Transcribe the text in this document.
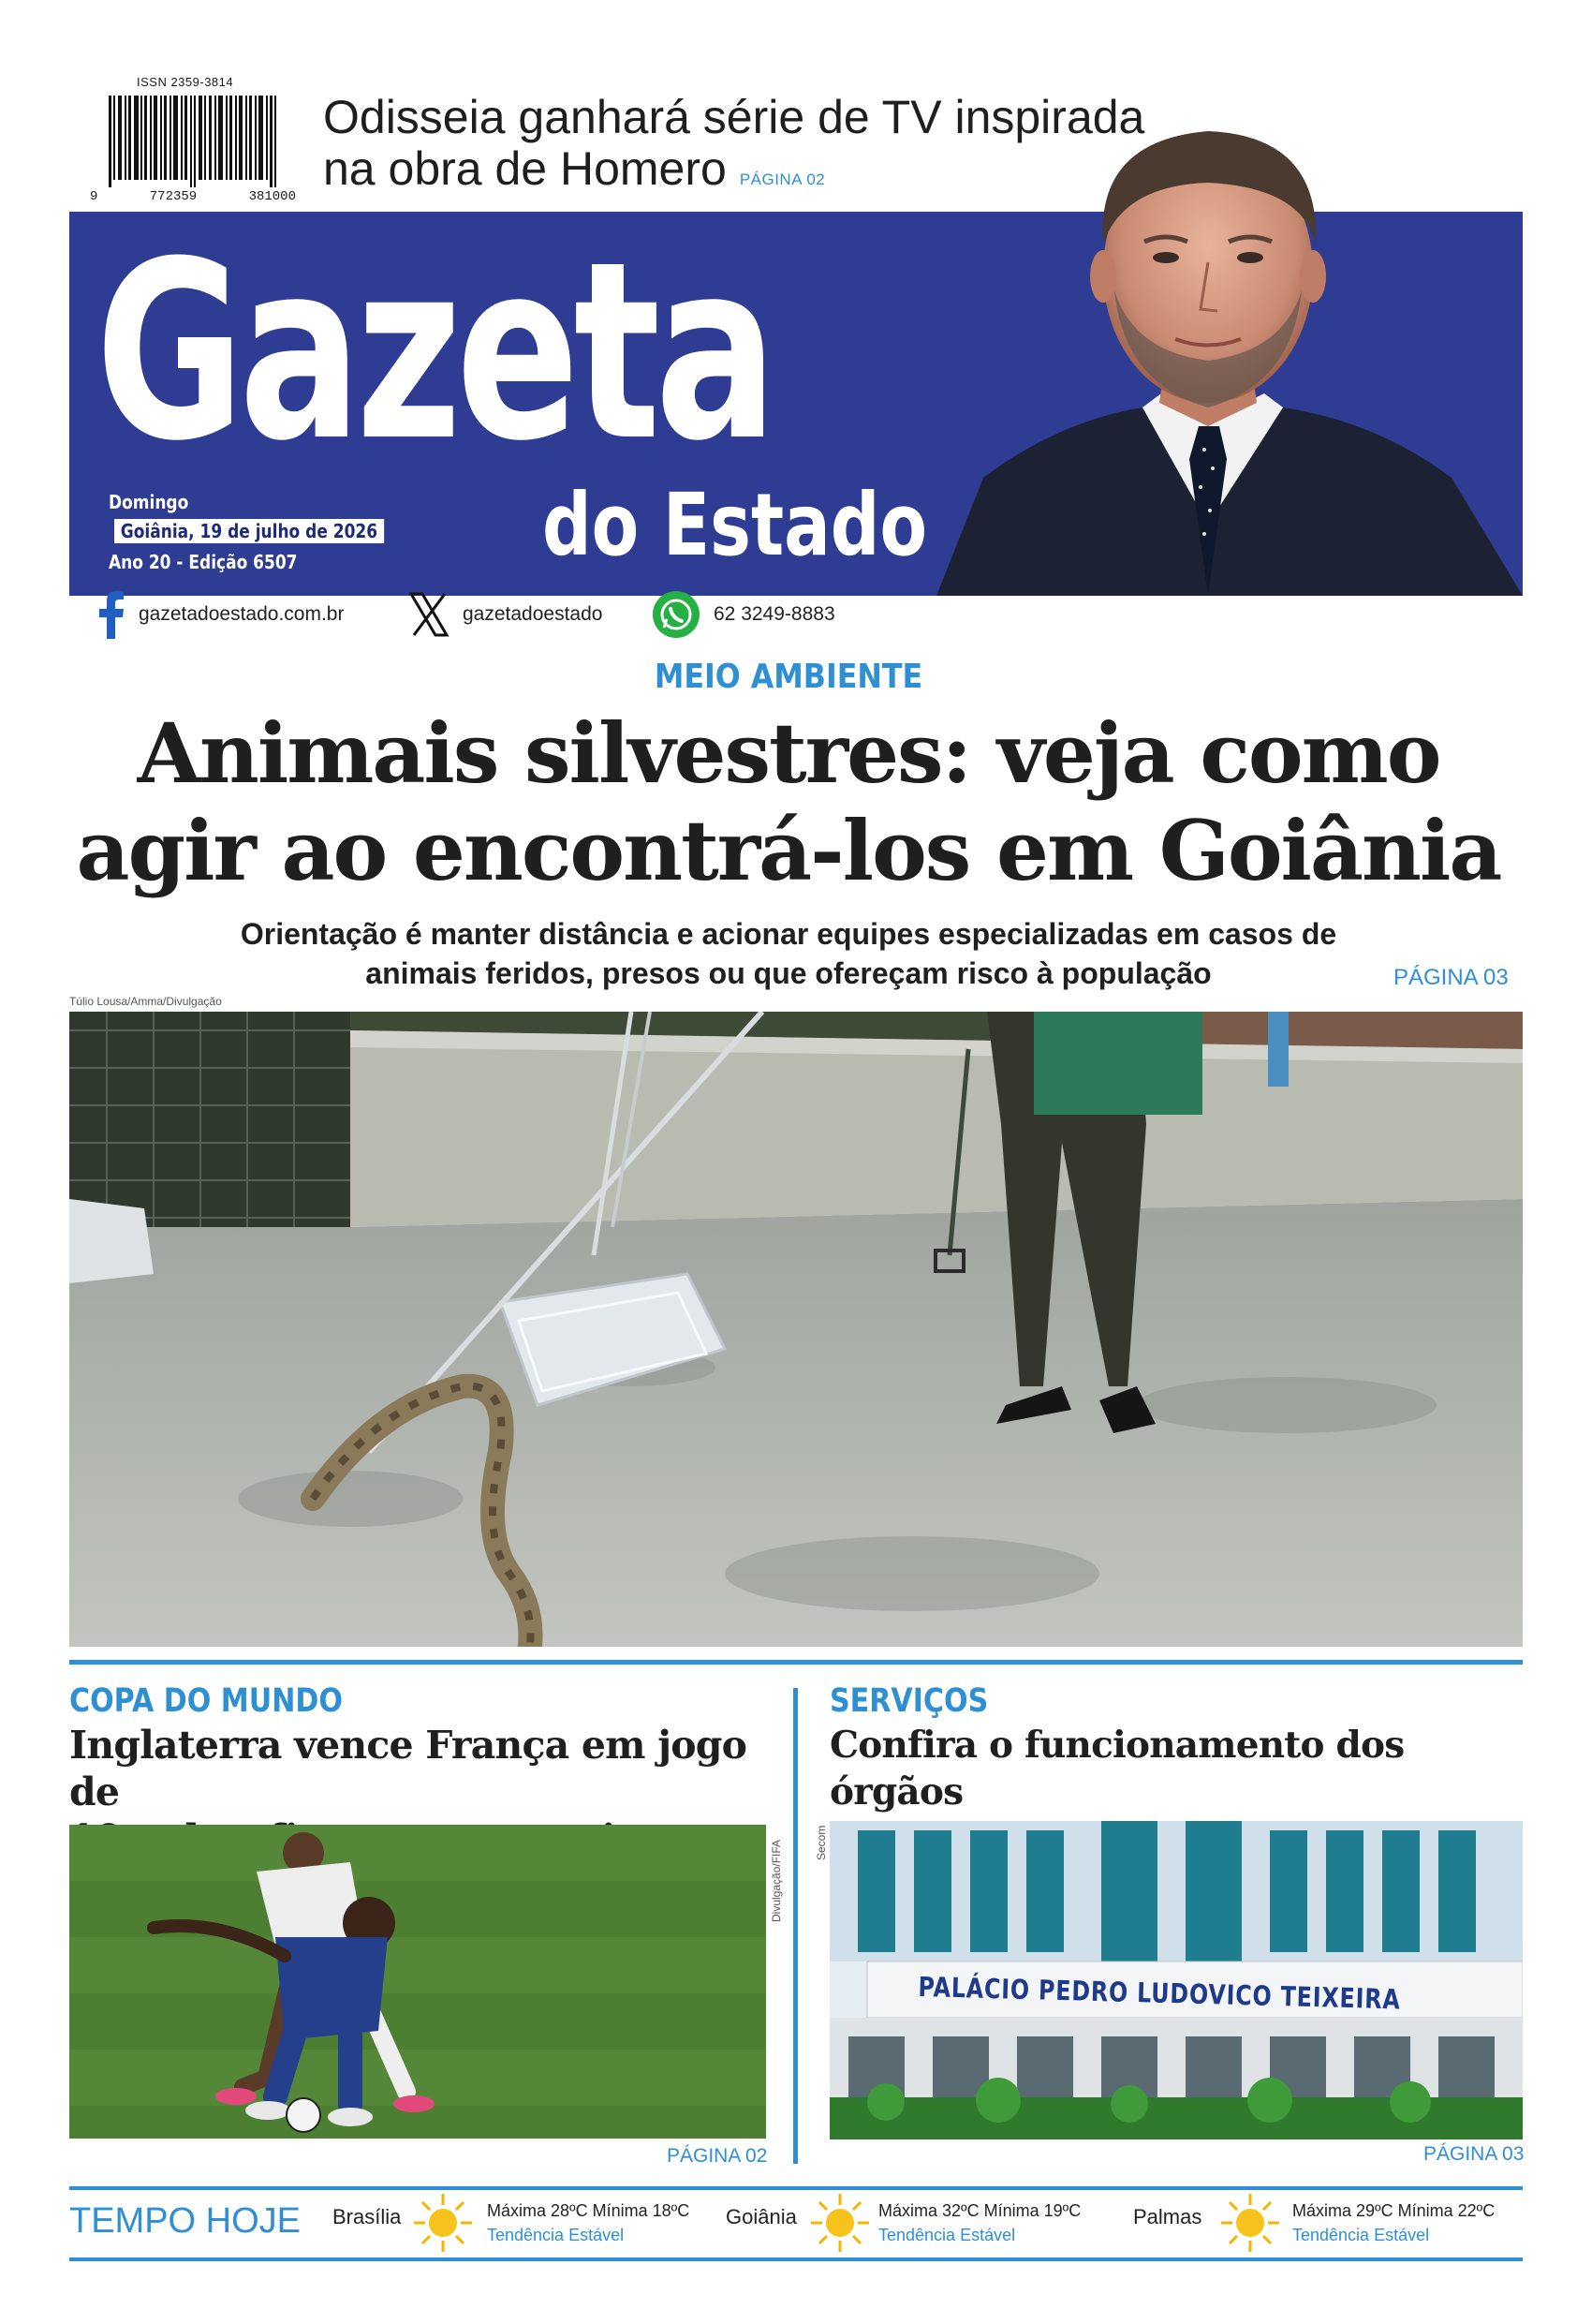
ISSN 2359-3814
9	772359	381000
Odisseia ganhará série de TV inspirada
na obra de Homero PÁGINA 02
Gazeta
do Estado
Domingo
Goiânia, 19 de julho de 2026
Ano 20 - Edição 6507
gazetadoestado.com.br	gazetadoestado	62 3249-8883
MEIO AMBIENTE
Animais silvestres: veja como
agir ao encontrá-los em Goiânia
Orientação é manter distância e acionar equipes especializadas em casos de
animais feridos, presos ou que ofereçam risco à população	PÁGINA 03
Túlio Lousa/Amma/Divulgação
COPA DO MUNDO
Inglaterra vence França em jogo de
Divulgação/FIFA
PÁGINA 02
SERVIÇOS
Confira o funcionamento dos órgãos
Secom
PALÁCIO PEDRO LUDOVICO TEIXEIRA
PÁGINA 03
TEMPO HOJE Brasília	Máxima 28ºC Mínima 18ºC
Tendência Estável
Goiânia	Máxima 32ºC Mínima 19ºC
Tendência Estável
Palmas	Máxima 29ºC Mínima 22ºC
Tendência Estável
